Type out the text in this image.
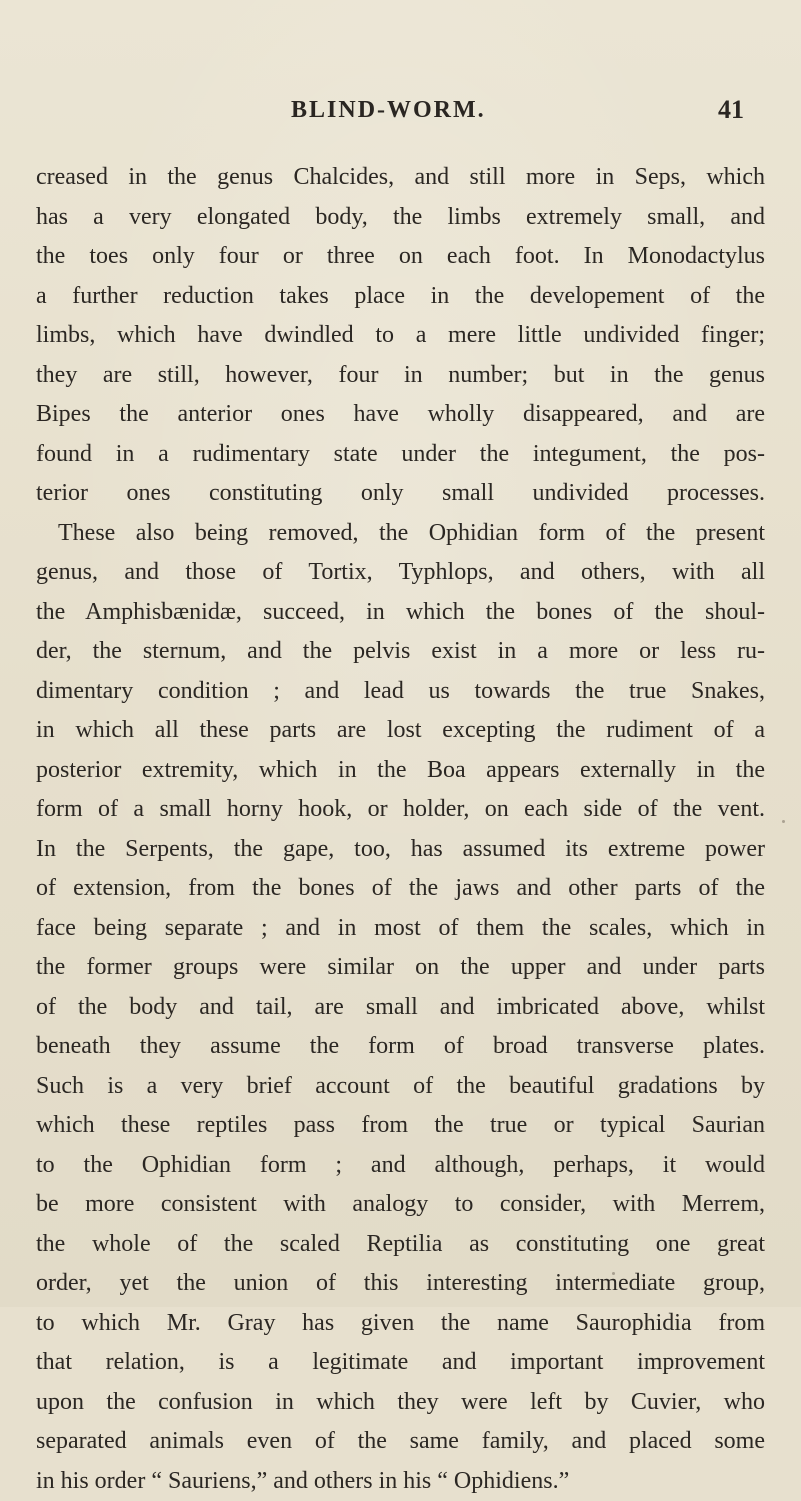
BLIND-WORM.	41
creased in the genus Chalcides, and still more in Seps, which
has a very elongated body, the limbs extremely small, and
the toes only four or three on each foot. In Monodactylus
a further reduction takes place in the developement of the
limbs, which have dwindled to a mere little undivided finger;
they are still, however, four in number; but in the genus
Bipes the anterior ones have wholly disappeared, and are
found in a rudimentary state under the integument, the pos-
terior ones constituting only small undivided processes.
These also being removed, the Ophidian form of the present
genus, and those of Tortix, Typhlops, and others, with all
the Amphisbænidæ, succeed, in which the bones of the shoul-
der, the sternum, and the pelvis exist in a more or less ru-
dimentary condition ; and lead us towards the true Snakes,
in which all these parts are lost excepting the rudiment of a
posterior extremity, which in the Boa appears externally in the
form of a small horny hook, or holder, on each side of the vent.
In the Serpents, the gape, too, has assumed its extreme power
of extension, from the bones of the jaws and other parts of the
face being separate ; and in most of them the scales, which in
the former groups were similar on the upper and under parts
of the body and tail, are small and imbricated above, whilst
beneath they assume the form of broad transverse plates.
Such is a very brief account of the beautiful gradations by
which these reptiles pass from the true or typical Saurian
to the Ophidian form ; and although, perhaps, it would
be more consistent with analogy to consider, with Merrem,
the whole of the scaled Reptilia as constituting one great
order, yet the union of this interesting intermediate group,
to which Mr. Gray has given the name Saurophidia from
that relation, is a legitimate and important improvement
upon the confusion in which they were left by Cuvier, who
separated animals even of the same family, and placed some
in his order “ Sauriens,” and others in his “ Ophidiens.”
